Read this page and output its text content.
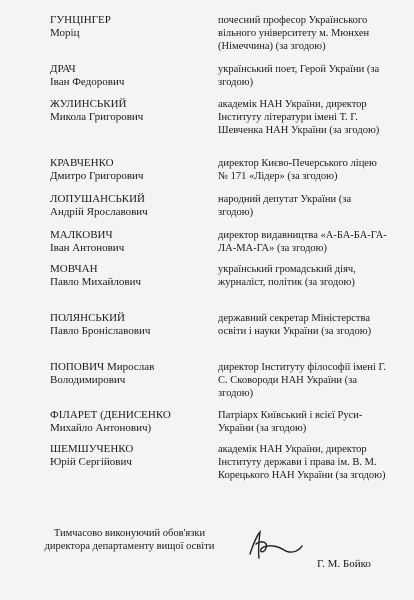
ГУНЦІНГЕР
Моріц
почесний професор Українського вільного університету м. Мюнхен (Німеччина) (за згодою)
ДРАЧ
Іван Федорович
український поет, Герой України (за згодою)
ЖУЛИНСЬКИЙ
Микола Григорович
академік НАН України, директор Інституту літератури імені Т. Г. Шевченка НАН України (за згодою)
КРАВЧЕНКО
Дмитро Григорович
директор Києво-Печерського ліцею № 171 «Лідер» (за згодою)
ЛОПУШАНСЬКИЙ
Андрій Ярославович
народний депутат України (за згодою)
МАЛКОВИЧ
Іван Антонович
директор видавництва «А-БА-БА-ГА-ЛА-МА-ГА» (за згодою)
МОВЧАН
Павло Михайлович
український громадський діяч, журналіст, політик (за згодою)
ПОЛЯНСЬКИЙ
Павло Броніславович
державний секретар Міністерства освіти і науки України (за згодою)
ПОПОВИЧ Мирослав
Володимирович
директор Інституту філософії імені Г. С. Сковороди НАН України (за згодою)
ФІЛАРЕТ (ДЕНИСЕНКО
Михайло Антонович)
Патріарх Київський і всієї Руси-України (за згодою)
ШЕМШУЧЕНКО
Юрій Сергійович
академік НАН України, директор Інституту держави і права ім. В. М. Корецького НАН України (за згодою)
Тимчасово виконуючий обов'язки директора департаменту вищої освіти
Г. М. Бойко
